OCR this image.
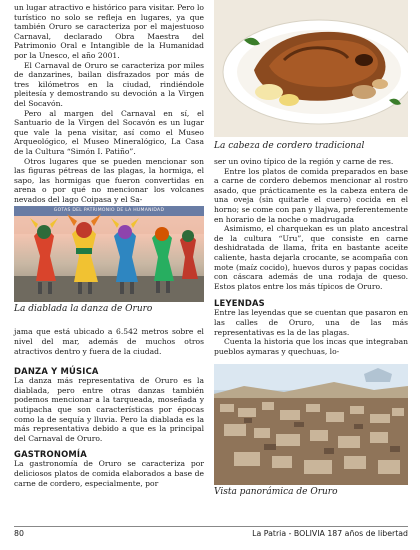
un lugar atractivo e histórico para visitar. Pero lo turístico no solo se refleja en lugares, ya que también Oruro se caracteriza por el majestuoso Carnaval, declarado Obra Maestra del Patrimonio Oral e Intangible de la Humanidad por la Unesco, el año 2001.

El Carnaval de Oruro se caracteriza por miles de danzarines, bailan disfrazados por más de tres kilómetros en la ciudad, rindiéndole pleitesía y demostrando su devoción a la Virgen del Socavón.

Pero al margen del Carnaval en sí, el Santuario de la Virgen del Socavón es un lugar que vale la pena visitar, así como el Museo Arqueológico, el Museo Mineralógico, La Casa de la Cultura “Simón I. Patiño”.

Otros lugares que se pueden mencionar son las figuras pétreas de las plagas, la hormiga, el sapo, las hormigas que fueron convertidas en arena o por qué no mencionar los volcanes nevados del lago Coipasa y el Sa-

GOTAS DEL PATRIMONIO DE LA HUMANIDAD
La diablada la danza de Oruro

jama que está ubicado a 6.542 metros sobre el nivel del mar, además de muchos otros atractivos dentro y fuera de la ciudad.

DANZA Y MÚSICA

La danza más representativa de Oruro es la diablada, pero entre otras danzas también podemos mencionar a la tarqueada, moseñada y autipacha que son características por épocas como la de sequía y lluvia. Pero la diablada es la más representativa debido a que es la principal del Carnaval de Oruro.

GASTRONOMÍA

La gastronomía de Oruro se caracteriza por deliciosos platos de comida elaborados a base de carne de cordero, especialmente, por

La cabeza de cordero tradicional

ser un ovino típico de la región y carne de res.

Entre los platos de comida preparados en base a carne de cordero debemos mencionar al rostro asado, que prácticamente es la cabeza entera de una oveja (sin quitarle el cuero) cocida en el horno; se come con pan y llajwa, preferentemente en horario de la noche o madrugada

Asimismo, el charquekan es un plato ancestral de la cultura “Uru”, que consiste en carne deshidratada de llama, frita en bastante aceite caliente, hasta dejarla crocante, se acompaña con mote (maíz cocido), huevos duros y papas cocidas con cáscara además de una rodaja de queso. Estos platos entre los más típicos de Oruro.

LEYENDAS

Entre las leyendas que se cuentan que pasaron en las calles de Oruro, una de las más representativas es la de las plagas.

Cuenta la historia que los incas que integraban pueblos aymaras y quechuas, lo-

Vista panorámica de Oruro
80	La Patria - BOLIVIA 187 años de libertad
